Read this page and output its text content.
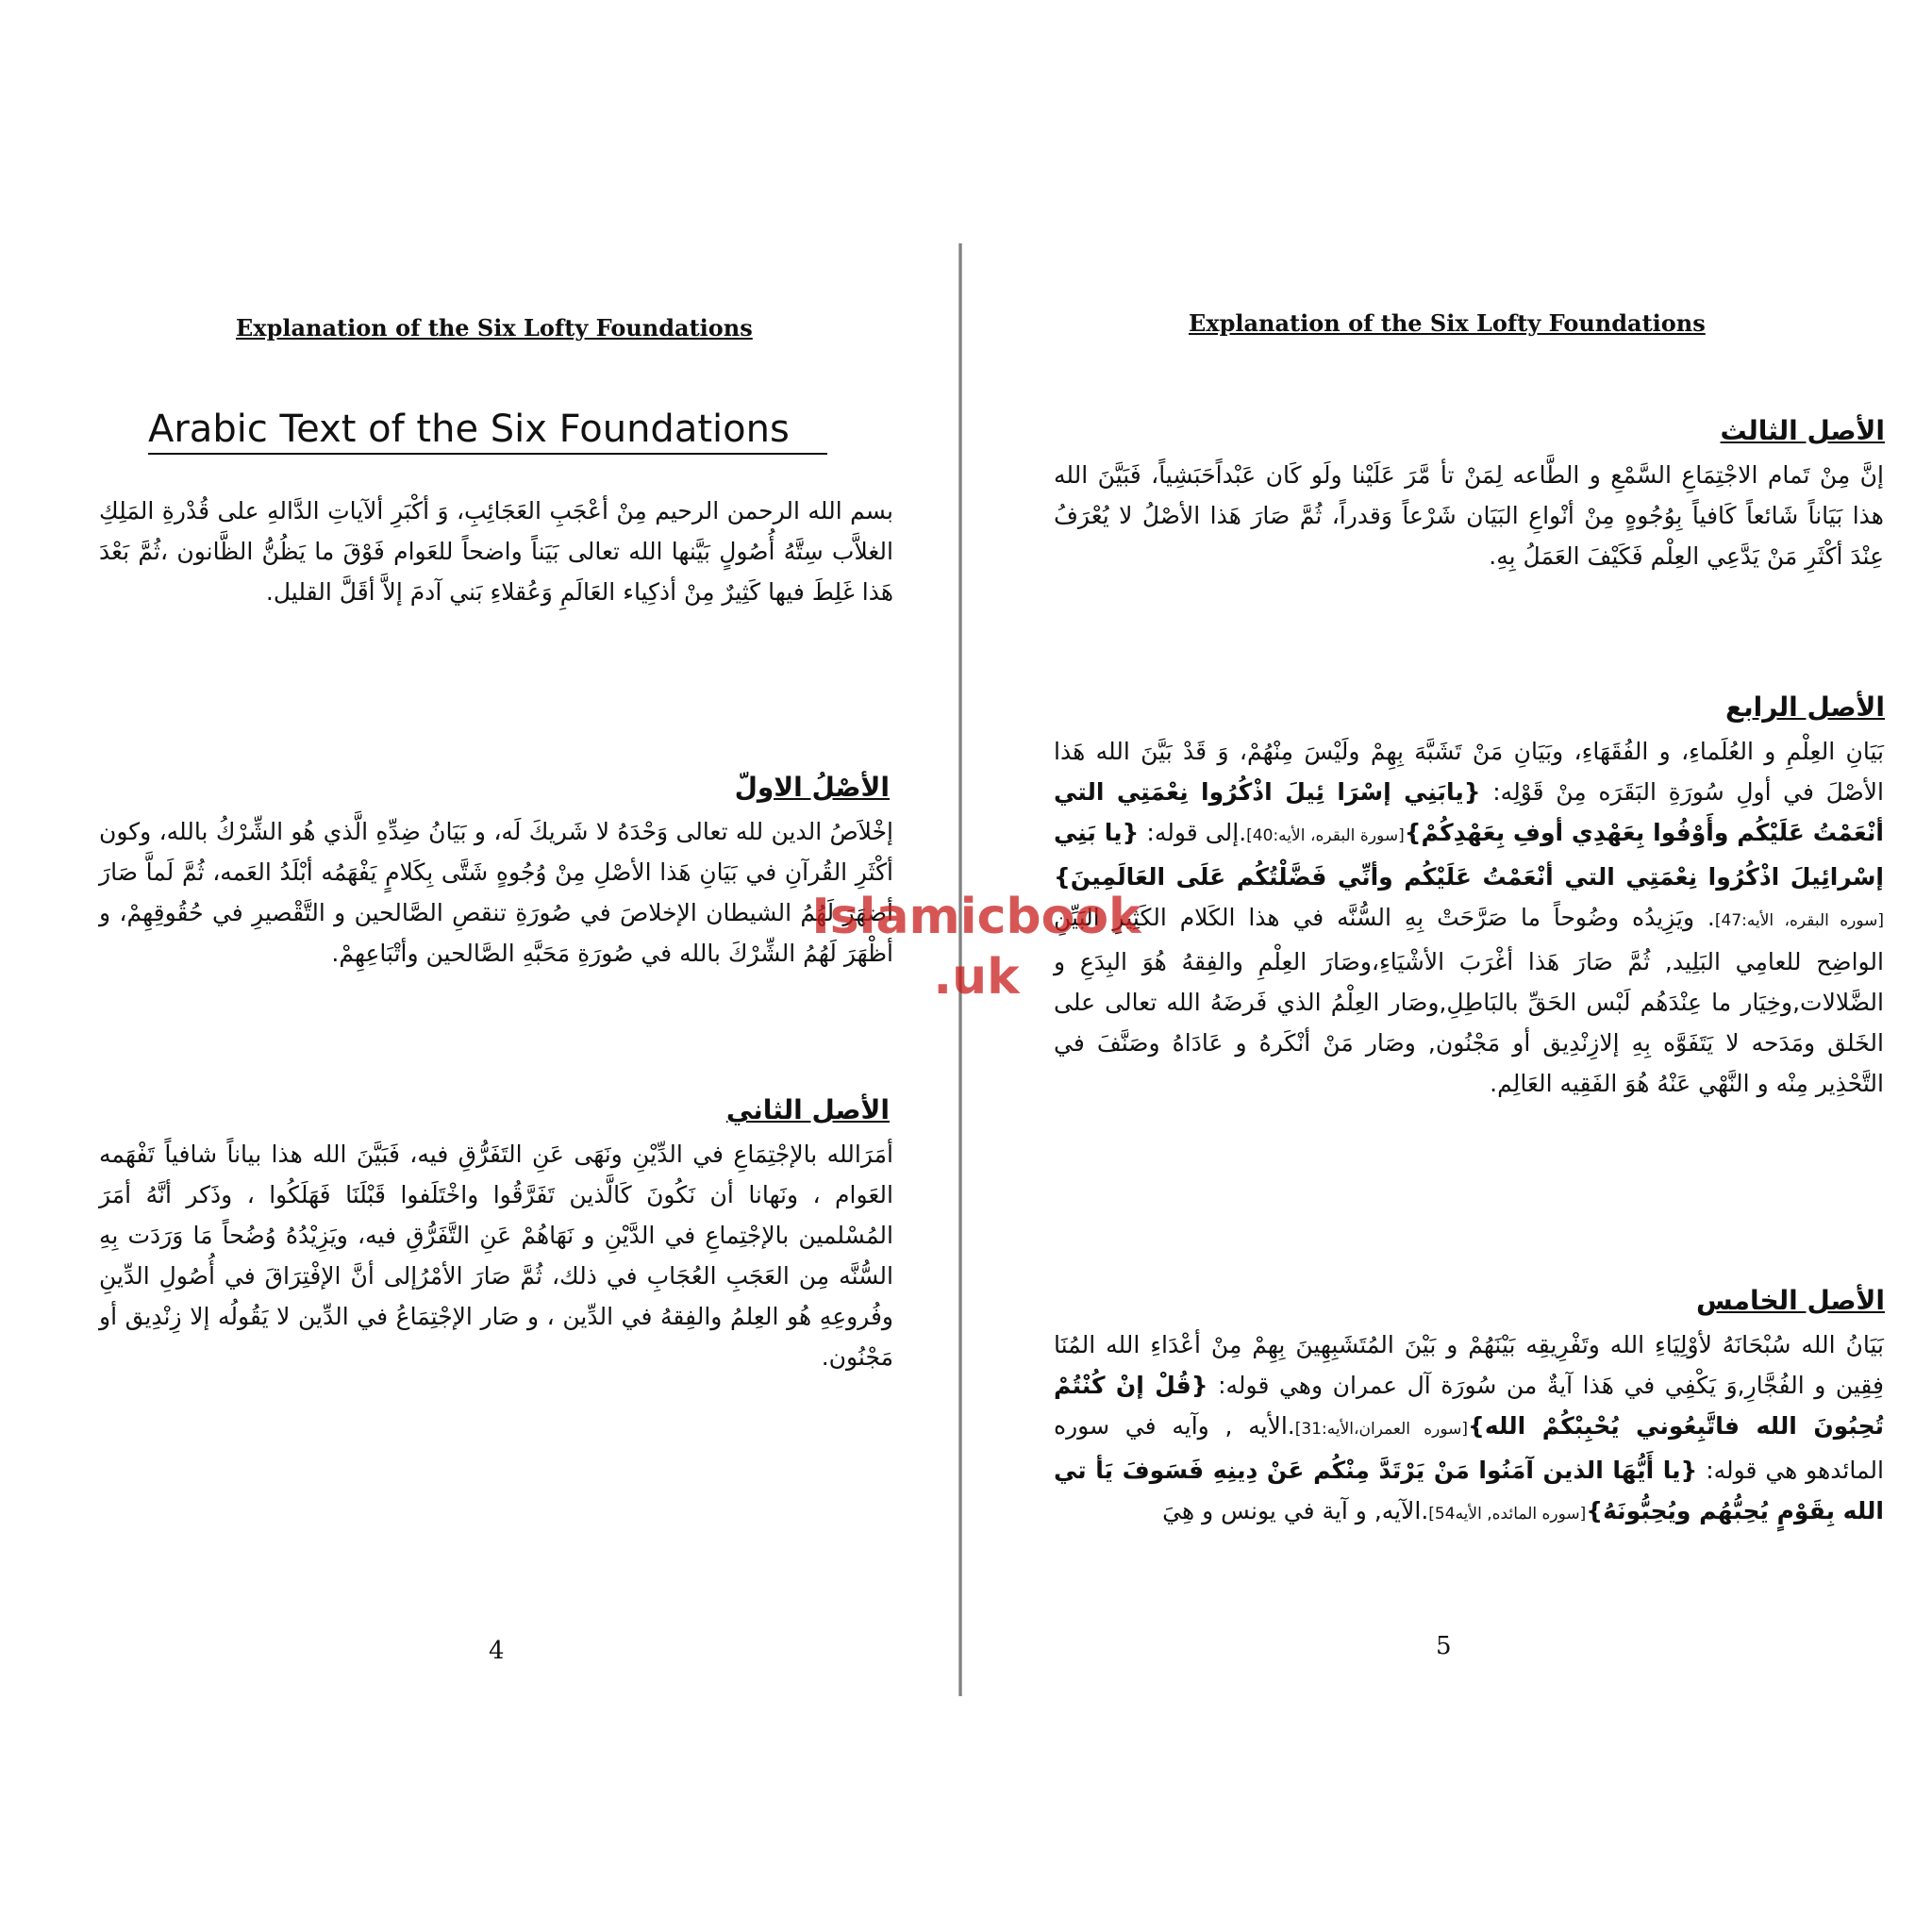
Explanation of the Six Lofty Foundations
Arabic Text of the Six Foundations
بسم الله الرحمن الرحيم مِنْ أعْجَبِ العَجَائِبِ، وَ أكْبَرِ ألآياتِ الدَّالهِ على قُدْرةِ المَلِكِ الغلاَّب سِتَّهُ أُصُولٍ بَيَّنها الله تعالى بَيَناً واضحاً للعَوام فَوْقَ ما يَظُنُّ الظَّانون ،ثُمَّ بَعْدَ هَذا غَلِطَ فيها كَثِيرٌ مِنْ أذكِياء العَالَمِ وَعُقلاءِ بَني آدمَ إلاَّ أقَلَّ القليل.
الأصْلُ الاولّ
إخْلاَصُ الدين لله تعالى وَحْدَهُ لا شَريكَ لَه، و بَيَانُ ضِدِّهِ الَّذي هُو الشِّرْكُ بالله، وكون أكْثَرِ القُرآنِ في بَيَانِ هَذا الأصْلِ مِنْ وُجُوهٍ شَتَّى بِكَلامٍ يَفْهَمُه أبْلَدُ العَمه، ثُمَّ لَماَّ صَارَ أضهَرَ لَهُمُ الشيطان الإخلاصَ في صُورَةِ تنقصِ الصَّالحين و التَّقْصيرِ في حُقُوقِهِمْ، و أظْهَرَ لَهُمُ الشِّرْكَ بالله في صُورَةِ مَحَبَّهِ الصَّالحين وأتْبَاعِهِمْ.
الأصل الثاني
أمَرَالله بالإجْتِمَاعِ في الدِّيْنِ ونَهَى عَنِ التَفَرُّقِ فيه، فَبَيَّنَ الله هذا بياناً شافياً تَفْهَمه العَوام ، ونَهانا أن نَكُونَ كَالَّذين تَفَرَّقُوا واخْتَلَفوا قَبْلَنَا فَهَلَكُوا ، وذَكر أنَّهُ أمَرَ المُسْلمين بالإجْتِماعِ في الدَّيْنِ و نَهَاهُمْ عَنِ التَّفَرُّقِ فيه، ويَزِيْدُهُ وُضُحاً مَا وَرَدَت بِهِ السُّنَّه مِن العَجَبِ العُجَابِ في ذلك، ثُمَّ صَارَ الأمْرُإلى أنَّ الإفْتِرَاقَ في أُصُولِ الدِّينِ وفُروعِهِ هُو العِلمُ والفِقهُ في الدِّين ، و صَار الإجْتِمَاعُ في الدِّين لا يَقُولُه إلا زِنْدِيق أو مَجْنُون.
4
Explanation of the Six Lofty Foundations
الأصل الثالث
إنَّ مِنْ تَمام الاجْتِمَاعِ السَّمْعِ و الطَّاعه لِمَنْ تأ مَّرَ عَلَيْنا ولَو كَان عَبْداًحَبَشِياً، فَبَيَّنَ الله هذا بَيَاناً شَائعاً كَافياً بِوُجُوهٍ مِنْ أنْواعِ البَيَان شَرْعاً وَقدراً، ثُمَّ صَارَ هَذا الأصْلُ لا يُعْرَفُ عِنْدَ أكْثَرِ مَنْ يَدَّعِي العِلْم فَكَيْفَ العَمَلُ بِهِ.
الأصل الرابع
بَيَانِ العِلْمِ و العُلَماءِ، و الفُقَهَاءِ، وبَيَانِ مَنْ تَشَبَّهَ بِهِمْ ولَيْسَ مِنْهُمْ، وَ قَدْ بَيَّنَ الله هَذا الأصْلَ في أولِ سُورَةِ البَقَرَه مِنْ قَوْلِه: {يابَنِي إسْرَا ئِيلَ اذْكُرُوا نِعْمَتِي التي أنْعَمْتُ عَلَيْكُم وأَوْفُوا بِعَهْدِي أوفِ بِعَهْدِكُمْ}[سورة البقره، الأيه:40].إلى قوله: {يا بَنِي إسْرائِيلَ اذْكُرُوا نِعْمَتِي التي أنْعَمْتُ عَلَيْكُم وأنِّي فَضَّلْتُكُم عَلَى العَالَمِينَ}[سوره البقره، الأيه:47]. ويَزِيدُه وضُوحاً ما صَرَّحَتْ بِهِ السُّنَّه في هذا الكَلام الكَثِيرِ البَيِّنِ الواضِح للعامِي البَلِيد, ثُمَّ صَارَ هَذا أغْرَبَ الأشْيَاءِ،وصَارَ العِلْمِ والفِقهُ هُوَ البِدَعِ و الضَّلالات,وخِيَار ما عِنْدَهُم لَبْس الحَقِّ بالبَاطِلِ,وصَار العِلْمُ الذي فَرضَهُ الله تعالى على الخَلق ومَدَحه لا يَتَفَوَّه بِهِ إلازِنْدِيق أو مَجْنُون, وصَار مَنْ أنْكَرهُ و عَادَاهُ وصَنَّفَ في التَّحْذِير مِنْه و النَّهْي عَنْهُ هُوَ الفَقِيه العَالِم.
الأصل الخامس
بَيَانُ الله سُبْحَانَهُ لأوْلِيَاءِ الله وتَفْرِيقِه بَيْنَهُمْ و بَيْنَ المُتَشَبِهِينَ بِهِمْ مِنْ أعْدَاءِ الله المُنَا فِقِين و الفُجَّارِ,وَ يَكْفِي في هَذا آيةٌ من سُورَة آل عمران وهي قوله: {قُلْ إنْ كُنْتُمْ تُحِبُونَ الله فاتَّبِعُوني يُحْبِبْكُمْ الله}[سوره العمران،الأيه:31].الأيه , وآيه في سوره المائدهو هي قوله: {يا أَيُّهَا الذين آمَنُوا مَنْ يَرْتَدَّ مِنْكُم عَنْ دِينِهِ فَسَوفَ يَأ تي الله بِقَوْمٍ يُحِبُّهُم ويُحِبُّونَهُ}[سوره المائده, الأيه54].الآيه, و آية في يونس و هِيَ
5
Islamicbook
.uk
